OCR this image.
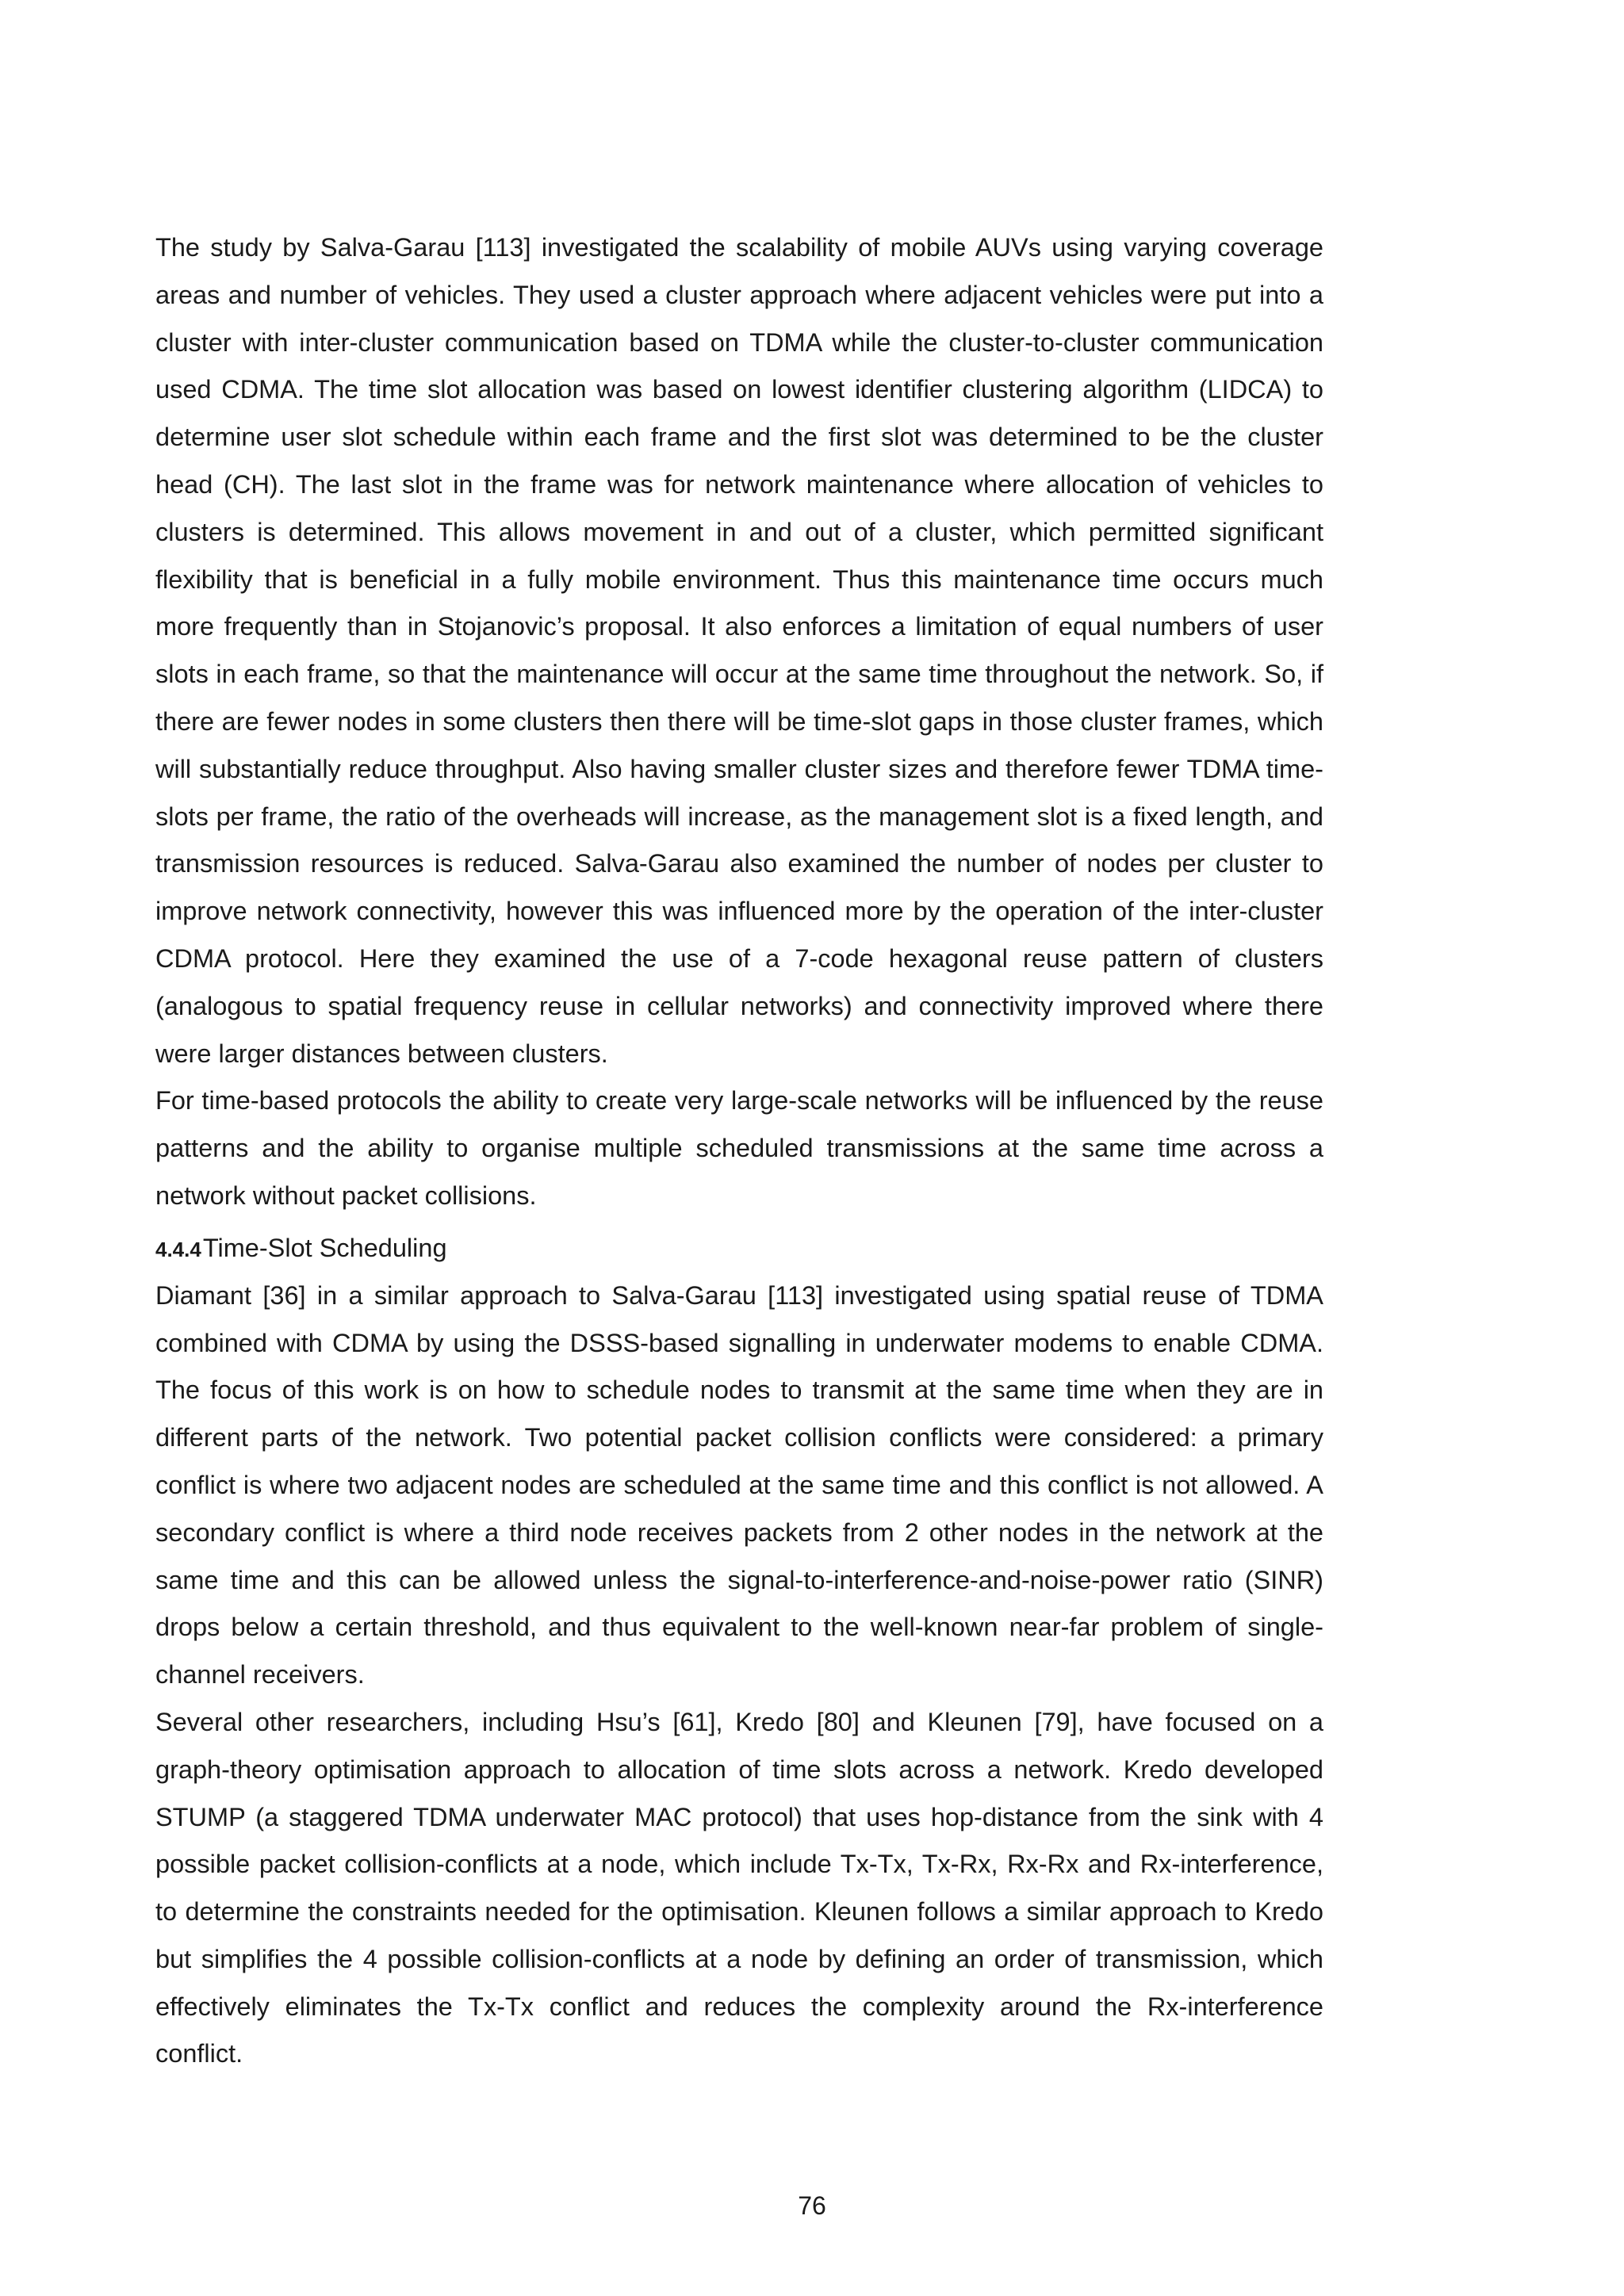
The study by Salva-Garau [113] investigated the scalability of mobile AUVs using varying coverage areas and number of vehicles. They used a cluster approach where adjacent vehicles were put into a cluster with inter-cluster communication based on TDMA while the cluster-to-cluster communication used CDMA. The time slot allocation was based on lowest identifier clustering algorithm (LIDCA) to determine user slot schedule within each frame and the first slot was determined to be the cluster head (CH). The last slot in the frame was for network maintenance where allocation of vehicles to clusters is determined. This allows movement in and out of a cluster, which permitted significant flexibility that is beneficial in a fully mobile environment. Thus this maintenance time occurs much more frequently than in Stojanovic’s proposal. It also enforces a limitation of equal numbers of user slots in each frame, so that the maintenance will occur at the same time throughout the network. So, if there are fewer nodes in some clusters then there will be time-slot gaps in those cluster frames, which will substantially reduce throughput. Also having smaller cluster sizes and therefore fewer TDMA time-slots per frame, the ratio of the overheads will increase, as the management slot is a fixed length, and transmission resources is reduced. Salva-Garau also examined the number of nodes per cluster to improve network connectivity, however this was influenced more by the operation of the inter-cluster CDMA protocol. Here they examined the use of a 7-code hexagonal reuse pattern of clusters (analogous to spatial frequency reuse in cellular networks) and connectivity improved where there were larger distances between clusters.

For time-based protocols the ability to create very large-scale networks will be influenced by the reuse patterns and the ability to organise multiple scheduled transmissions at the same time across a network without packet collisions.

4.4.4Time-Slot Scheduling

Diamant [36] in a similar approach to Salva-Garau [113] investigated using spatial reuse of TDMA combined with CDMA by using the DSSS-based signalling in underwater modems to enable CDMA. The focus of this work is on how to schedule nodes to transmit at the same time when they are in different parts of the network. Two potential packet collision conflicts were considered: a primary conflict is where two adjacent nodes are scheduled at the same time and this conflict is not allowed. A secondary conflict is where a third node receives packets from 2 other nodes in the network at the same time and this can be allowed unless the signal-to-interference-and-noise-power ratio (SINR) drops below a certain threshold, and thus equivalent to the well-known near-far problem of single-channel receivers.

Several other researchers, including Hsu’s [61], Kredo [80] and Kleunen [79], have focused on a graph-theory optimisation approach to allocation of time slots across a network. Kredo developed STUMP (a staggered TDMA underwater MAC protocol) that uses hop-distance from the sink with 4 possible packet collision-conflicts at a node, which include Tx-Tx, Tx-Rx, Rx-Rx and Rx-interference, to determine the constraints needed for the optimisation. Kleunen follows a similar approach to Kredo but simplifies the 4 possible collision-conflicts at a node by defining an order of transmission, which effectively eliminates the Tx-Tx conflict and reduces the complexity around the Rx-interference conflict.

76
